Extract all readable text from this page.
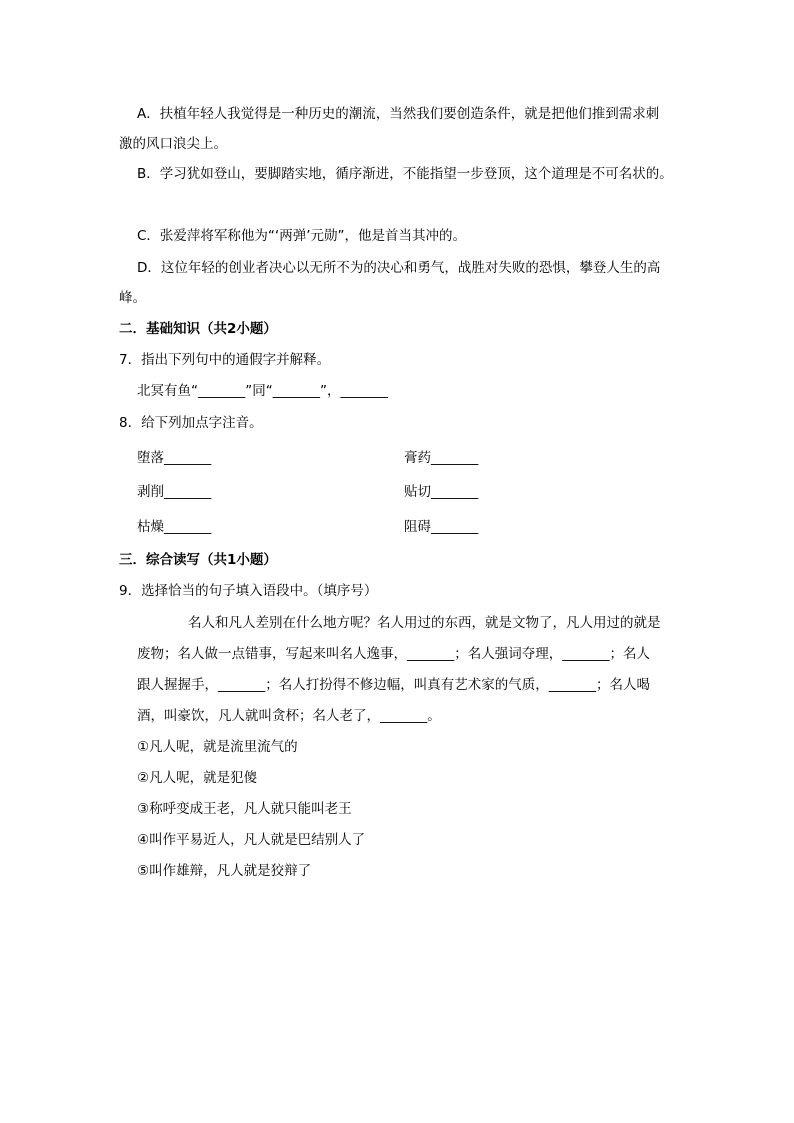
A．扶植年轻人我觉得是一种历史的潮流，当然我们要创造条件，就是把他们推到需求刺
激的风口浪尖上。
B．学习犹如登山，要脚踏实地，循序渐进，不能指望一步登顶，这个道理是不可名状的。
C．张爱萍将军称他为“‘两弹’元勋”，他是首当其冲的。
D．这位年轻的创业者决心以无所不为的决心和勇气，战胜对失败的恐惧，攀登人生的高
峰。
二．基础知识（共2小题）
7．指出下列句中的通假字并解释。
北冥有鱼“_______”同“_______”，_______
8．给下列加点字注音。
堕落_______	膏药_______
剥削_______	贴切_______
枯燥_______	阻碍_______
三．综合读写（共1小题）
9．选择恰当的句子填入语段中。（填序号）
名人和凡人差别在什么地方呢？名人用过的东西，就是文物了，凡人用过的就是
废物；名人做一点错事，写起来叫名人逸事，_______；名人强词夺理，_______；名人
跟人握握手，_______；名人打扮得不修边幅，叫真有艺术家的气质，_______；名人喝
酒，叫豪饮，凡人就叫贪杯；名人老了，_______。
①凡人呢，就是流里流气的
②凡人呢，就是犯傻
③称呼变成王老，凡人就只能叫老王
④叫作平易近人，凡人就是巴结别人了
⑤叫作雄辩，凡人就是狡辩了
